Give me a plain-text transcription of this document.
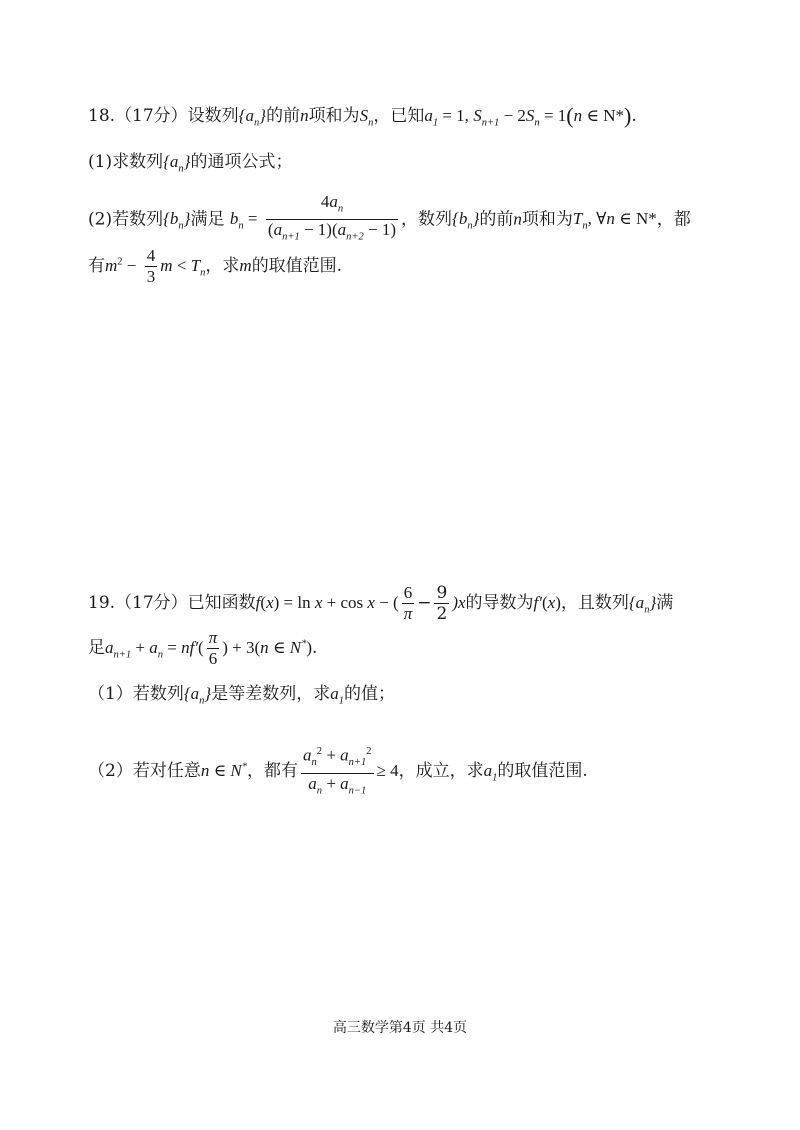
18.（17分）设数列$\{a_n\}$的前n项和为$S_n$，已知$a_1 = 1$, $S_{n+1} - 2S_n = 1(n$ ∈ N*).
(1)求数列$\{a_n\}$的通项公式；
(2)若数列$\{b_n\}$满足 $b_n = \frac{4a_n}{(a_{n+1} - 1)(a_{n+2} - 1)}$ ，数列$\{b_n\}$的前n项和为$T_n$, ∀n ∈ N*，都
有$m^2 - \frac{4}{3}$ $m < T_n$，求m的取值范围.
19.（17分）已知函数f(x) = ln x + cos x − ( $\frac{6}{\pi} - \frac{9}{2} )x$的导数为f′(x)，且数列$\{a_n\}$满
足$a_{n+1} + a_n = nf'( \frac{\pi}{6}$ ) + 3(n ∈ N*).
（1）若数列$\{a_n\}$是等差数列，求$a_1$的值；
（2）若对任意n ∈ N*，都有 $\frac{a_n^2 + a_{n+1}^2}{a_n + a_{n-1}} \ge 4$，成立，求$a_1$的取值范围.
高三数学第4页 共4页
